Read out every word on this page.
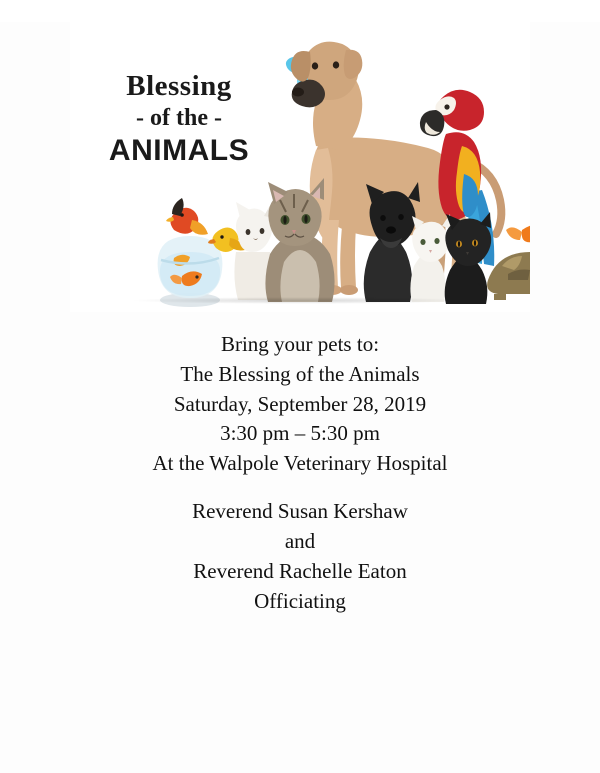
Blessing
- of the -
ANIMALS
Bring your pets to:
The Blessing of the Animals
Saturday, September 28, 2019
3:30 pm – 5:30 pm
At the Walpole Veterinary Hospital
Reverend Susan Kershaw
and
Reverend Rachelle Eaton
Officiating
